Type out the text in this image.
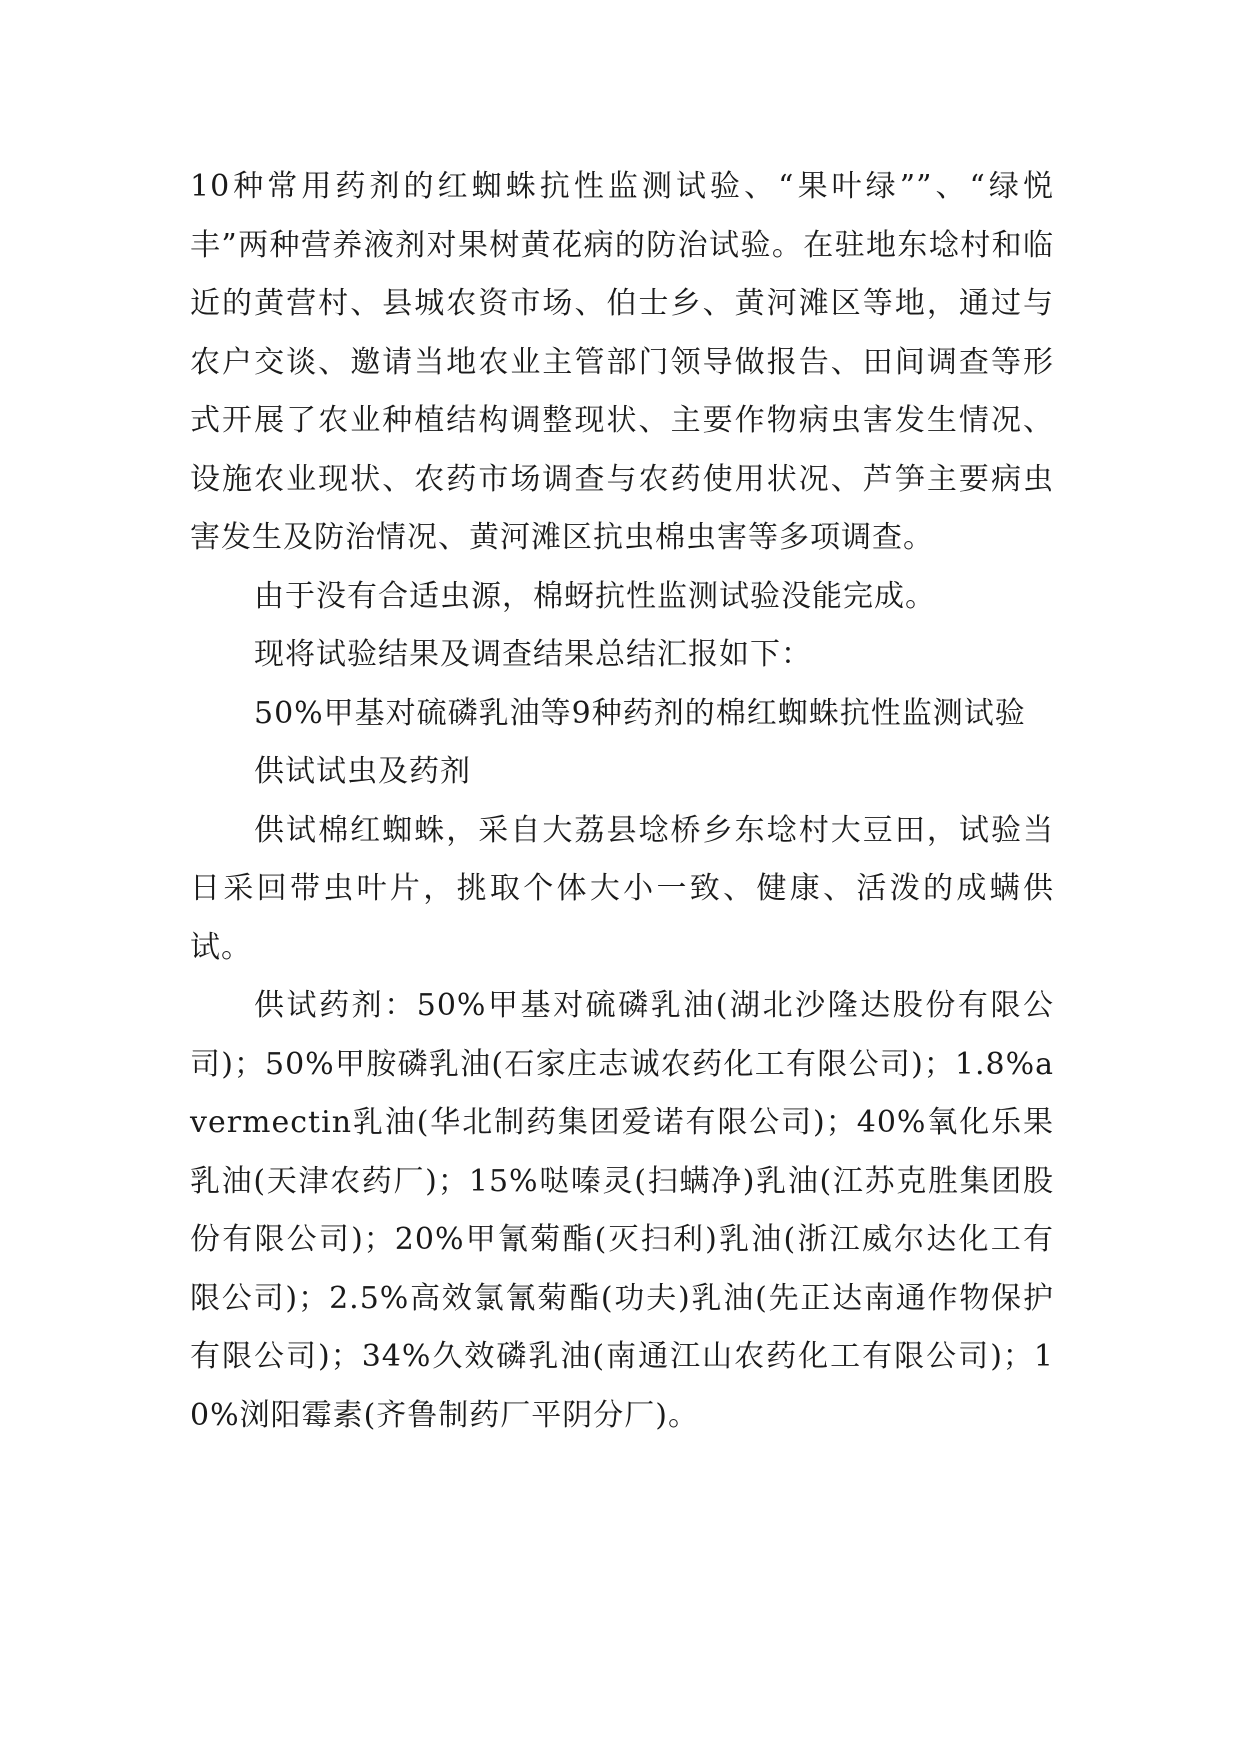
10种常用药剂的红蜘蛛抗性监测试验、“果叶绿””、“绿悦丰”两种营养液剂对果树黄花病的防治试验。在驻地东埝村和临近的黄营村、县城农资市场、伯士乡、黄河滩区等地，通过与农户交谈、邀请当地农业主管部门领导做报告、田间调查等形式开展了农业种植结构调整现状、主要作物病虫害发生情况、设施农业现状、农药市场调查与农药使用状况、芦笋主要病虫害发生及防治情况、黄河滩区抗虫棉虫害等多项调查。

由于没有合适虫源，棉蚜抗性监测试验没能完成。

现将试验结果及调查结果总结汇报如下：

50%甲基对硫磷乳油等9种药剂的棉红蜘蛛抗性监测试验

供试试虫及药剂

供试棉红蜘蛛，采自大荔县埝桥乡东埝村大豆田，试验当日采回带虫叶片，挑取个体大小一致、健康、活泼的成螨供试。

供试药剂：50%甲基对硫磷乳油(湖北沙隆达股份有限公司)；50%甲胺磷乳油(石家庄志诚农药化工有限公司)；1.8%avermectin乳油(华北制药集团爱诺有限公司)；40%氧化乐果乳油(天津农药厂)；15%哒嗪灵(扫螨净)乳油(江苏克胜集团股份有限公司)；20%甲氰菊酯(灭扫利)乳油(浙江威尔达化工有限公司)；2.5%高效氯氰菊酯(功夫)乳油(先正达南通作物保护有限公司)；34%久效磷乳油(南通江山农药化工有限公司)；10%浏阳霉素(齐鲁制药厂平阴分厂)。
